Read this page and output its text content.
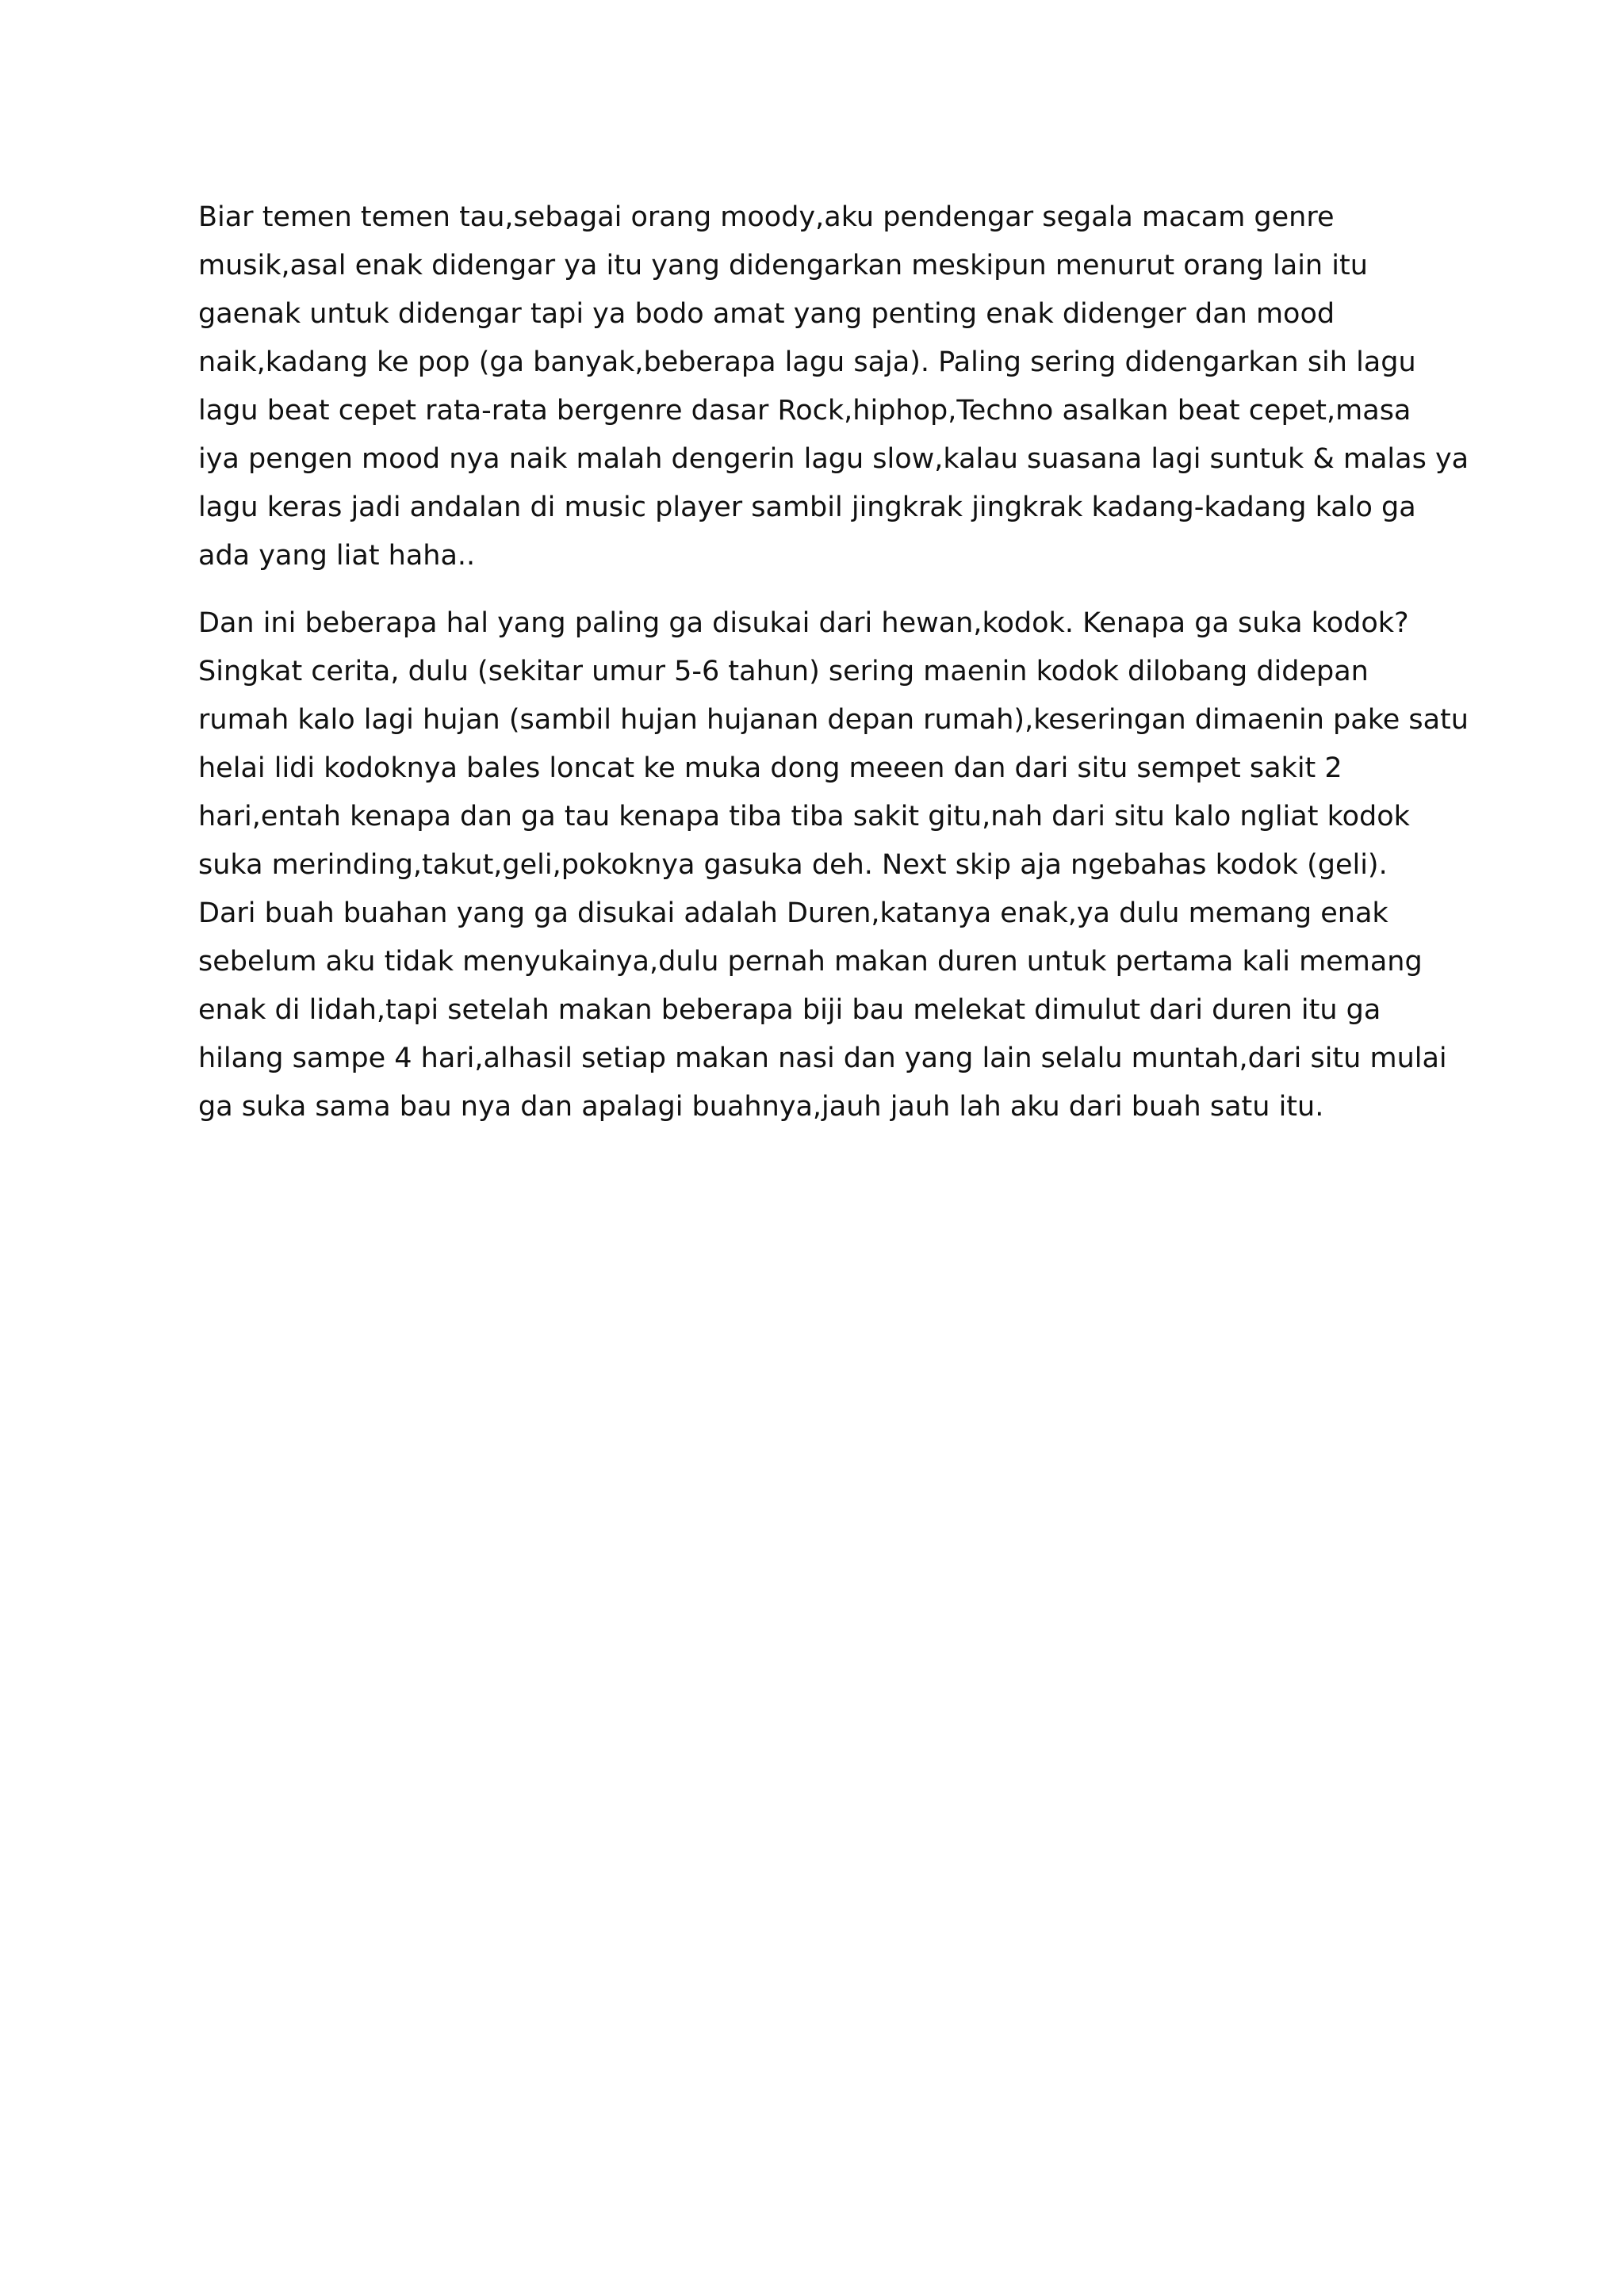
Biar temen temen tau,sebagai orang moody,aku pendengar segala macam genre
musik,asal enak didengar ya itu yang didengarkan meskipun menurut orang lain itu
gaenak untuk didengar tapi ya bodo amat yang penting enak didenger dan mood
naik,kadang ke pop (ga banyak,beberapa lagu saja). Paling sering didengarkan sih lagu
lagu beat cepet rata-rata bergenre dasar Rock,hiphop,Techno asalkan beat cepet,masa
iya pengen mood nya naik malah dengerin lagu slow,kalau suasana lagi suntuk & malas ya
lagu keras jadi andalan di music player sambil jingkrak jingkrak kadang-kadang kalo ga
ada yang liat haha..

Dan ini beberapa hal yang paling ga disukai dari hewan,kodok. Kenapa ga suka kodok?
Singkat cerita, dulu (sekitar umur 5-6 tahun) sering maenin kodok dilobang didepan
rumah kalo lagi hujan (sambil hujan hujanan depan rumah),keseringan dimaenin pake satu
helai lidi kodoknya bales loncat ke muka dong meeen dan dari situ sempet sakit 2
hari,entah kenapa dan ga tau kenapa tiba tiba sakit gitu,nah dari situ kalo ngliat kodok
suka merinding,takut,geli,pokoknya gasuka deh. Next skip aja ngebahas kodok (geli).
Dari buah buahan yang ga disukai adalah Duren,katanya enak,ya dulu memang enak
sebelum aku tidak menyukainya,dulu pernah makan duren untuk pertama kali memang
enak di lidah,tapi setelah makan beberapa biji bau melekat dimulut dari duren itu ga
hilang sampe 4 hari,alhasil setiap makan nasi dan yang lain selalu muntah,dari situ mulai
ga suka sama bau nya dan apalagi buahnya,jauh jauh lah aku dari buah satu itu.
